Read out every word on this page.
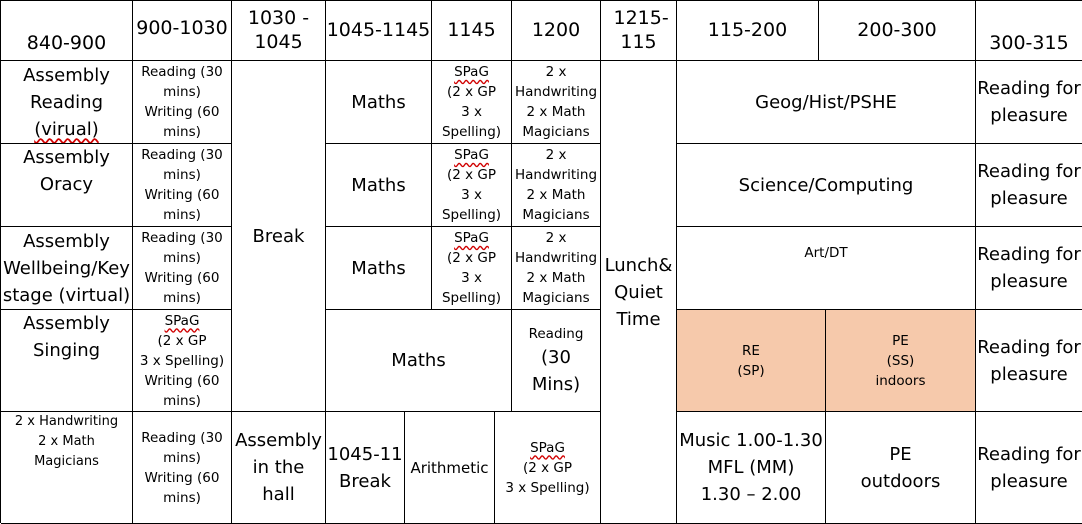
840-900
900-1030 1030 - 1045
1045-1145 1145 1200
1215-115
115-200	200-300
300-315
Break
Lunch&
Quiet
Time
Assembly
Reading
(virual)
Reading (30
mins)
Writing (60
mins)
Maths
SPaG
(2 x GP
3 x
Spelling)
2 x
Handwriting
2 x Math
Magicians
Geog/Hist/PSHE
Reading for
pleasure
Assembly
Oracy
Reading (30
mins)
Writing (60
mins)
Maths
SPaG
(2 x GP
3 x
Spelling)
2 x
Handwriting
2 x Math
Magicians
Science/Computing
Reading for
pleasure
Assembly
Wellbeing/Key
stage (virtual)
Reading (30
mins)
Writing (60
mins)
Maths
SPaG
(2 x GP
3 x
Spelling)
2 x
Handwriting
2 x Math
Magicians
Art/DT	Reading for
pleasure
Assembly
Singing
SPaG
(2 x GP
3 x Spelling)
Writing (60
mins)
Maths
Reading
(30
Mins)
RE
(SP)
PE
(SS)
indoors
Reading for
pleasure
2 x Handwriting
2 x Math
Magicians
Reading (30
mins)
Writing (60
mins)
Assembly
in the
hall
1045-11
Break
Arithmetic
SPaG
(2 x GP
3 x Spelling)
Music 1.00-1.30
MFL (MM)
1.30 – 2.00
PE
outdoors
Reading for
pleasure
